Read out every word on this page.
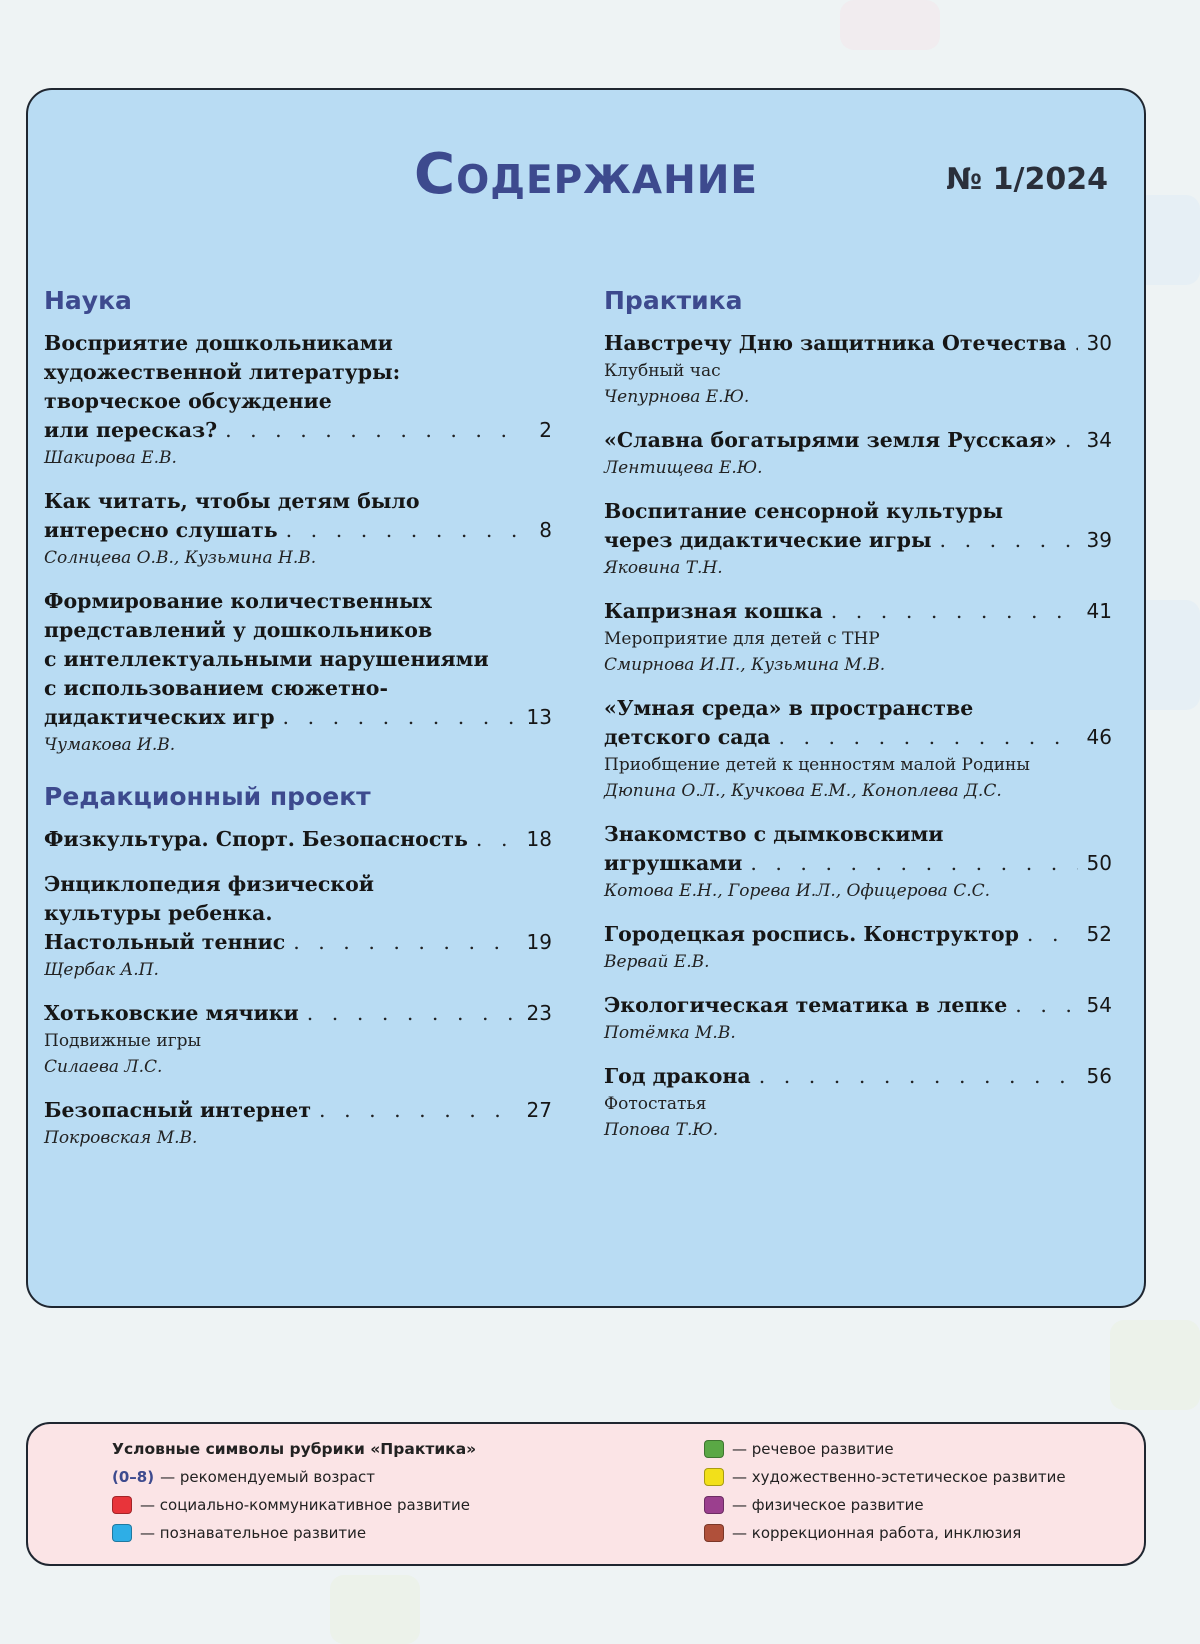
Содержание	№ 1/2024
Наука
Восприятие дошкольниками
художественной литературы:
творческое обсуждение
или пересказ? . . .	2
Шакирова Е.В.
Как читать, чтобы детям было
интересно слушать . . .	8
Солнцева О.В., Кузьмина Н.В.
Формирование количественных
представлений у дошкольников
с интеллектуальными нарушениями
с использованием сюжетно-
дидактических игр . . .	13
Чумакова И.В.
Редакционный проект
Физкультура. Спорт. Безопасность . . .	18
Энциклопедия физической
культуры ребенка.
Настольный теннис . . .	19
Щербак А.П.
Хотьковские мячики . . .	23
Подвижные игры
Силаева Л.С.
Безопасный интернет . . .	27
Покровская М.В.
Практика
Навстречу Дню защитника Отечества . . . 30
Клубный час
Чепурнова Е.Ю.
«Славна богатырями земля Русская» . . . 34
Лентищева Е.Ю.
Воспитание сенсорной культуры
через дидактические игры . . .	39
Яковина Т.Н.
Капризная кошка . . .	41
Мероприятие для детей с ТНР
Смирнова И.П., Кузьмина М.В.
«Умная среда» в пространстве
детского сада . . .	46
Приобщение детей к ценностям малой Родины
Дюпина О.Л., Кучкова Е.М., Коноплева Д.С.
Знакомство с дымковскими
игрушками . . .	50
Котова Е.Н., Горева И.Л., Офицерова С.С.
Городецкая роспись. Конструктор . . .	52
Вервай Е.В.
Экологическая тематика в лепке . . .	54
Потёмка М.В.
Год дракона . . .	56
Фотостатья
Попова Т.Ю.
Условные символы рубрики «Практика»
(0–8) — рекомендуемый возраст
— социально-коммуникативное развитие
— познавательное развитие
— речевое развитие
— художественно-эстетическое развитие
— физическое развитие
— коррекционная работа, инклюзия
